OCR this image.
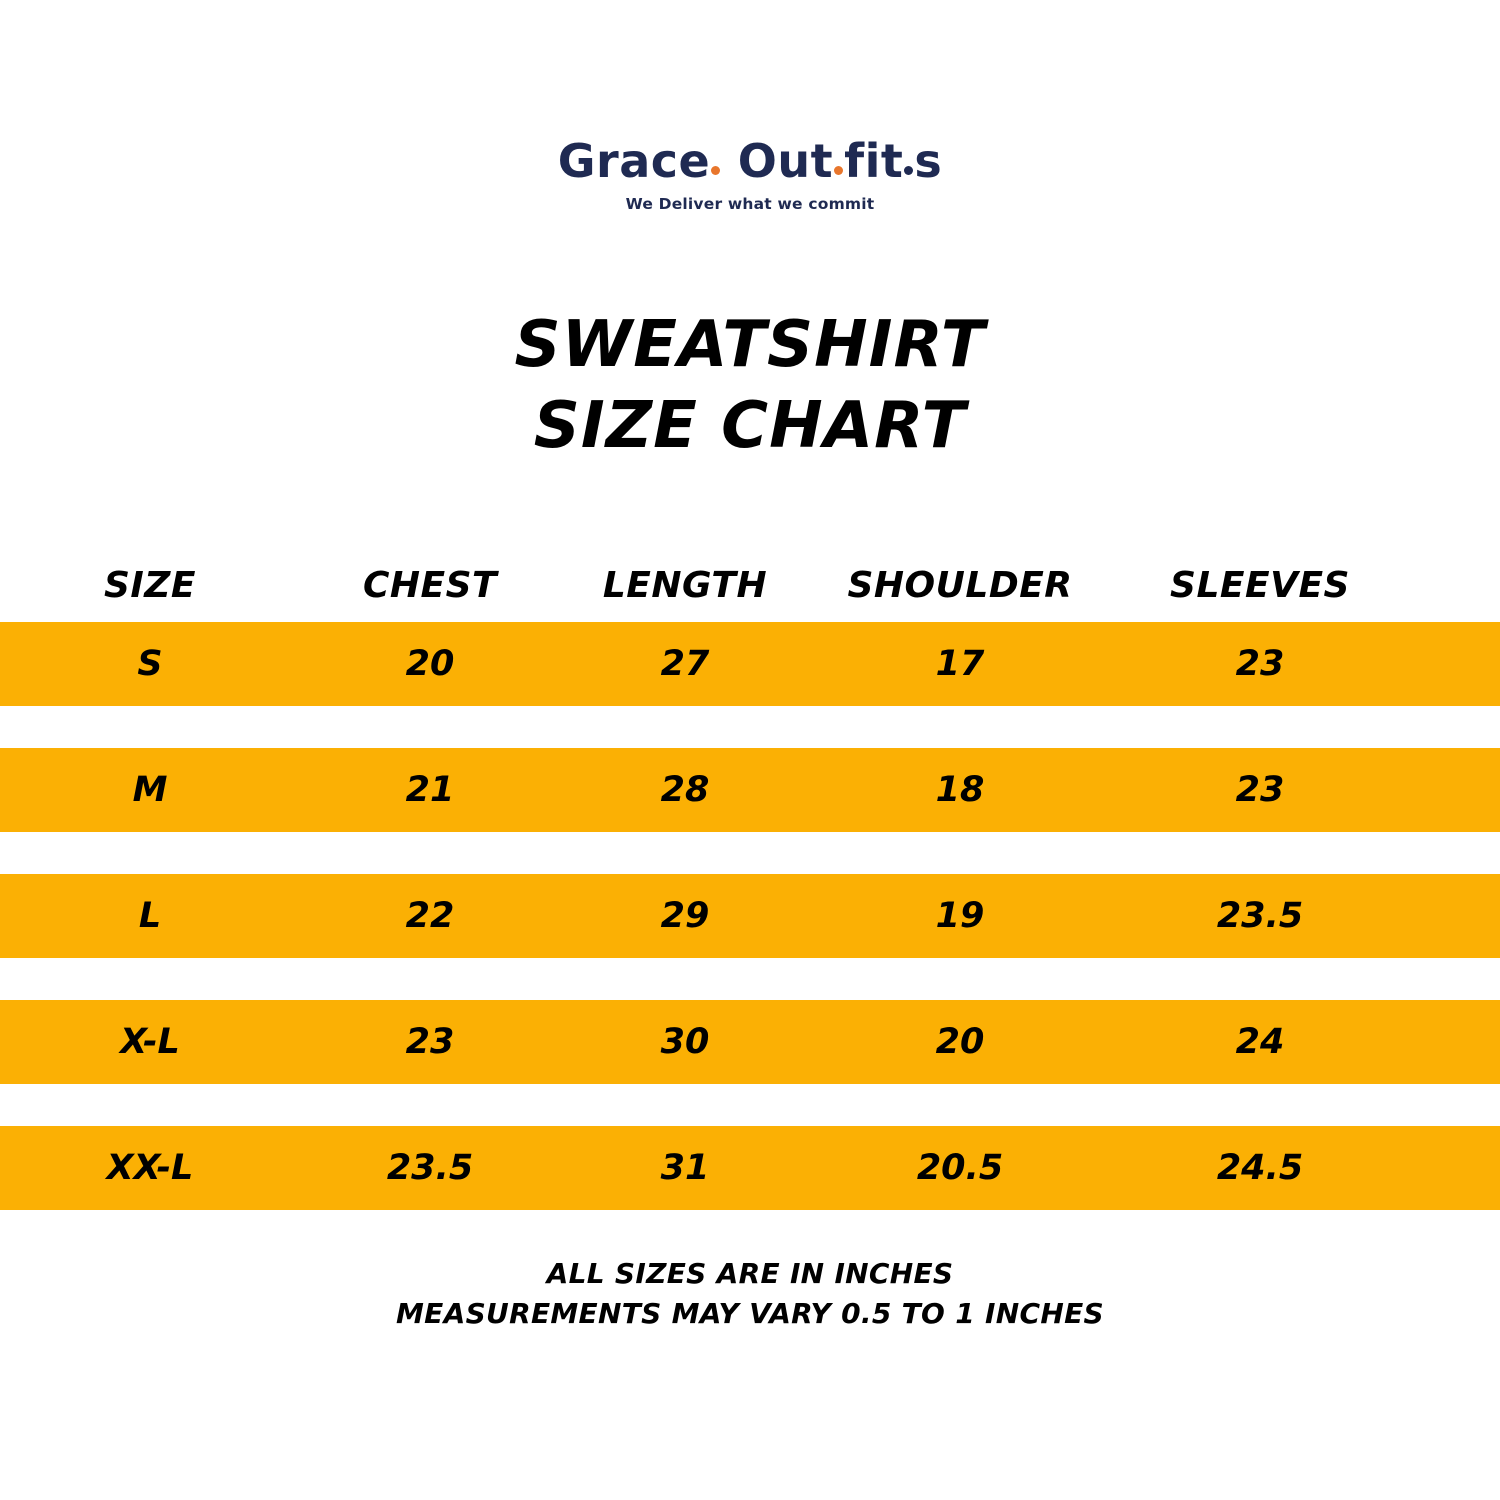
Grace Out fit s
We Deliver what we commit
SWEATSHIRT
SIZE CHART
SIZE	CHEST	LENGTH	SHOULDER	SLEEVES
S	20	27	17	23
M	21	28	18	23
L	22	29	19	23.5
X-L	23	30	20	24
XX-L	23.5	31	20.5	24.5
ALL SIZES ARE IN INCHES
MEASUREMENTS MAY VARY 0.5 TO 1 INCHES
